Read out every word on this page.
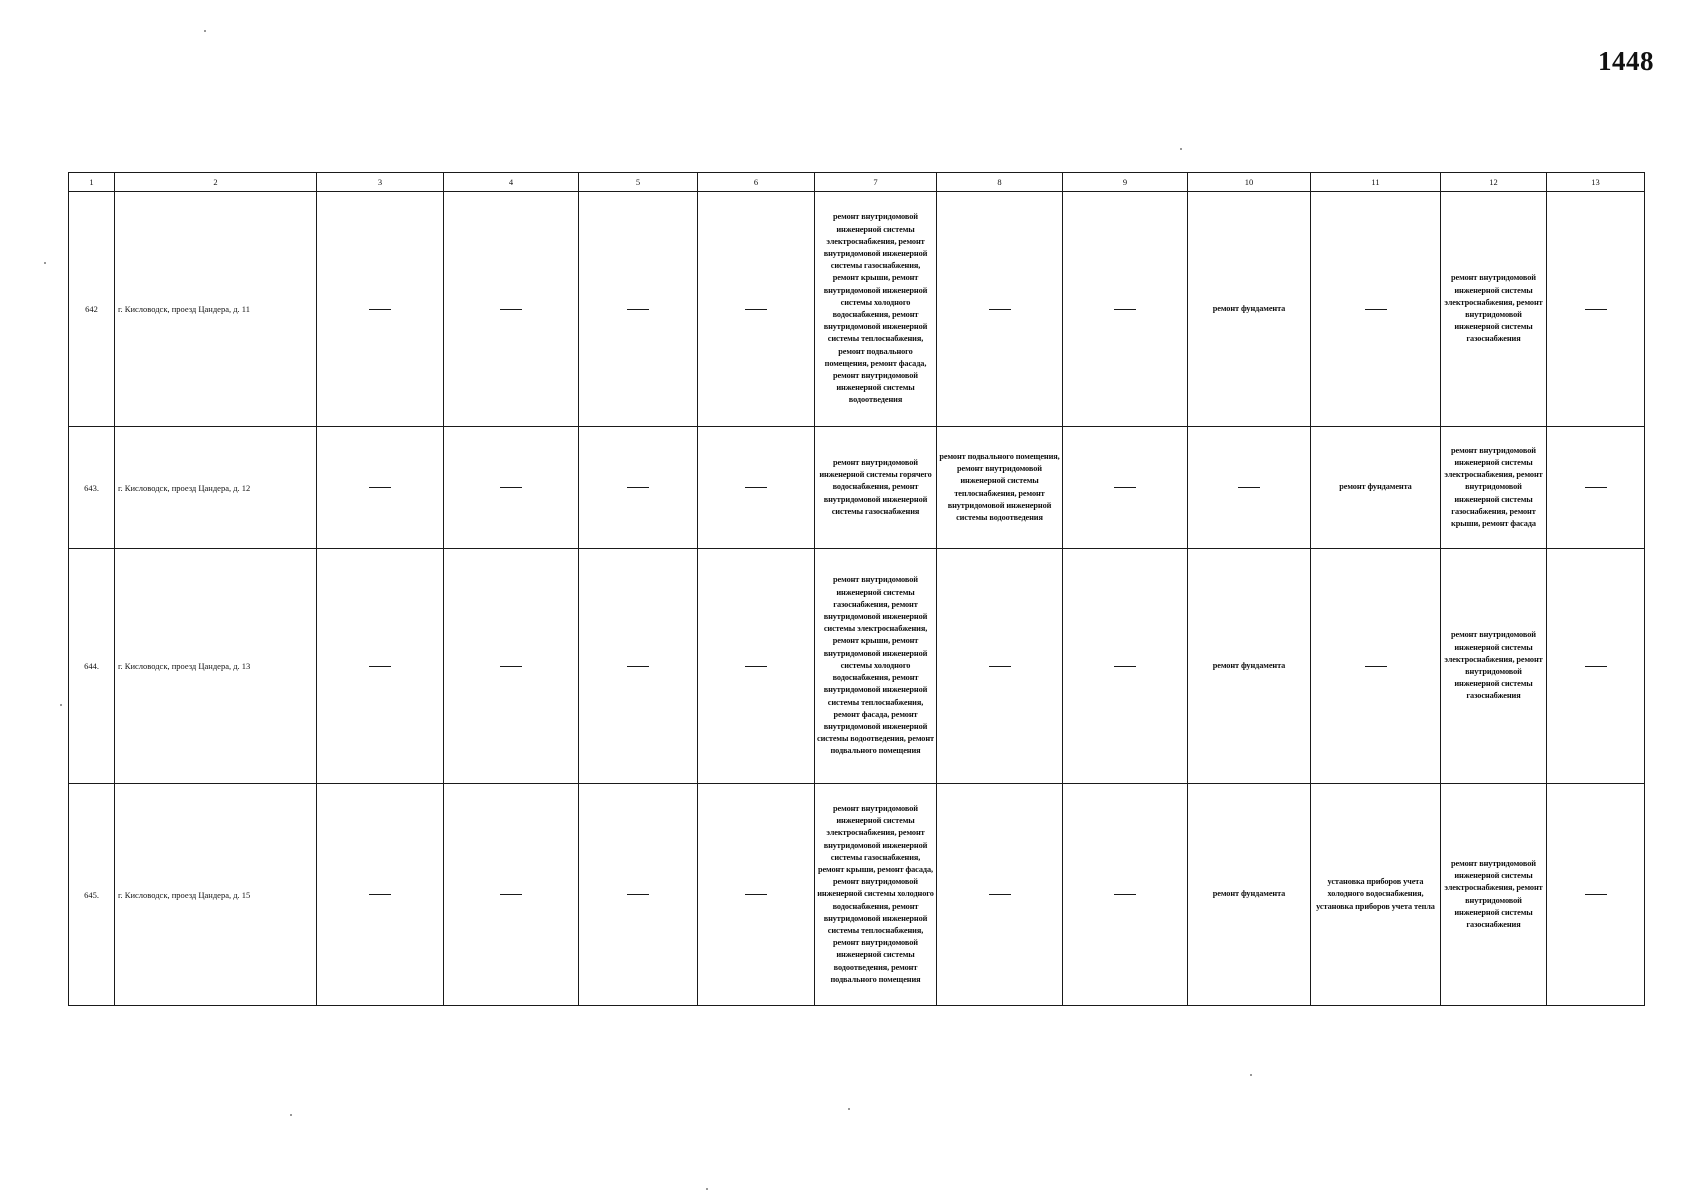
1448
1	2	3	4	5	6	7	8	9	10	11	12	13
642	г. Кисловодск, проезд Цандера, д. 11					ремонт внутридомовой инженерной системы электроснабжения, ремонт внутридомовой инженерной системы газоснабжения, ремонт крыши, ремонт внутридомовой инженерной системы холодного водоснабжения, ремонт внутридомовой инженерной системы теплоснабжения, ремонт подвального помещения, ремонт фасада, ремонт внутридомовой инженерной системы водоотведения			ремонт фундамента		ремонт внутридомовой инженерной системы электроснабжения, ремонт внутридомовой инженерной системы газоснабжения	
643.	г. Кисловодск, проезд Цандера, д. 12					ремонт внутридомовой инженерной системы горячего водоснабжения, ремонт внутридомовой инженерной системы газоснабжения	ремонт подвального помещения, ремонт внутридомовой инженерной системы теплоснабжения, ремонт внутридомовой инженерной системы водоотведения			ремонт фундамента	ремонт внутридомовой инженерной системы электроснабжения, ремонт внутридомовой инженерной системы газоснабжения, ремонт крыши, ремонт фасада	
644.	г. Кисловодск, проезд Цандера, д. 13					ремонт внутридомовой инженерной системы газоснабжения, ремонт внутридомовой инженерной системы электроснабжения, ремонт крыши, ремонт внутридомовой инженерной системы холодного водоснабжения, ремонт внутридомовой инженерной системы теплоснабжения, ремонт фасада, ремонт внутридомовой инженерной системы водоотведения, ремонт подвального помещения			ремонт фундамента		ремонт внутридомовой инженерной системы электроснабжения, ремонт внутридомовой инженерной системы газоснабжения	
645.	г. Кисловодск, проезд Цандера, д. 15					ремонт внутридомовой инженерной системы электроснабжения, ремонт внутридомовой инженерной системы газоснабжения, ремонт крыши, ремонт фасада, ремонт внутридомовой инженерной системы холодного водоснабжения, ремонт внутридомовой инженерной системы теплоснабжения, ремонт внутридомовой инженерной системы водоотведения, ремонт подвального помещения			ремонт фундамента	установка приборов учета холодного водоснабжения, установка приборов учета тепла	ремонт внутридомовой инженерной системы электроснабжения, ремонт внутридомовой инженерной системы газоснабжения	
